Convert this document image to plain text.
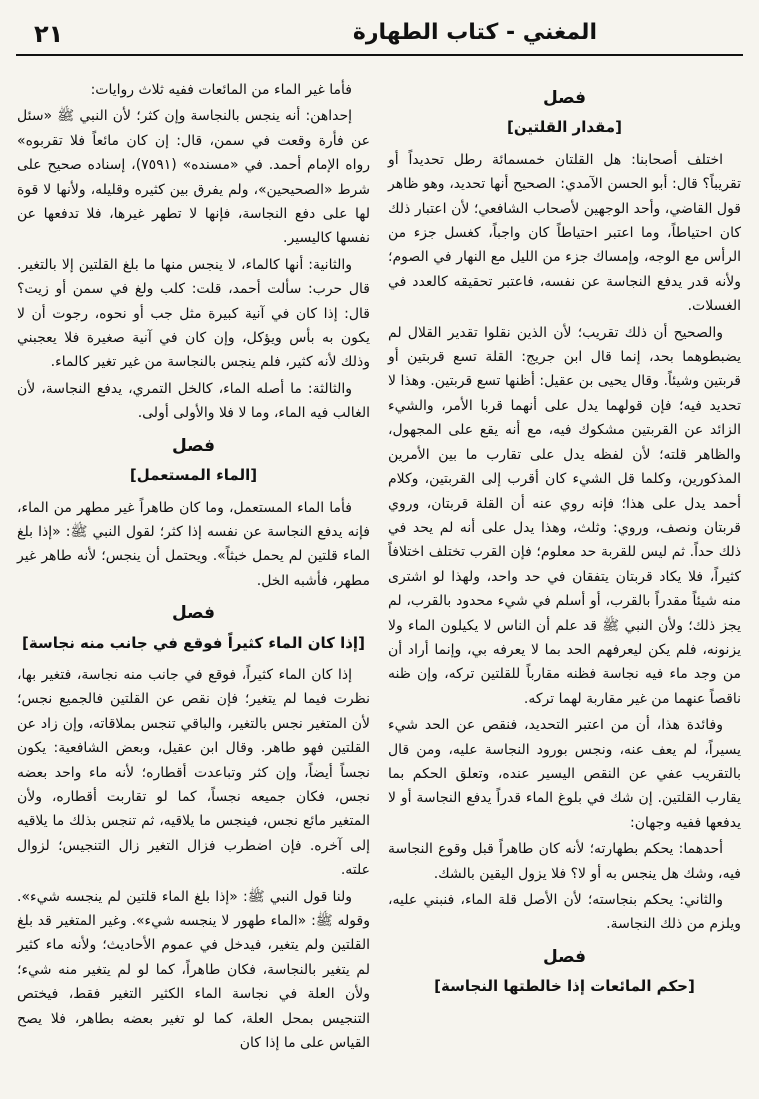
٢١	المغني - كتاب الطهارة
فصل
[مقدار القلتين]

اختلف أصحابنا: هل القلتان خمسمائة رطل تحديداً أو تقريباً؟ قال: أبو الحسن الآمدي: الصحيح أنها تحديد، وهو ظاهر قول القاضي، وأحد الوجهين لأصحاب الشافعي؛ لأن اعتبار ذلك كان احتياطاً، وما اعتبر احتياطاً كان واجباً، كغسل جزء من الرأس مع الوجه، وإمساك جزء من الليل مع النهار في الصوم؛ ولأنه قدر يدفع النجاسة عن نفسه، فاعتبر تحقيقه كالعدد في الغسلات.

والصحيح أن ذلك تقريب؛ لأن الذين نقلوا تقدير القلال لم يضبطوهما بحد، إنما قال ابن جريج: القلة تسع قربتين أو قربتين وشيئاً. وقال يحيى بن عقيل: أظنها تسع قربتين. وهذا لا تحديد فيه؛ فإن قولهما يدل على أنهما قربا الأمر، والشيء الزائد عن القربتين مشكوك فيه، مع أنه يقع على المجهول، والظاهر قلته؛ لأن لفظه يدل على تقارب ما بين الأمرين المذكورين، وكلما قل الشيء كان أقرب إلى القربتين، وكلام أحمد يدل على هذا؛ فإنه روي عنه أن القلة قربتان، وروي قربتان ونصف، وروي: وثلث، وهذا يدل على أنه لم يحد في ذلك حداً. ثم ليس للقربة حد معلوم؛ فإن القرب تختلف اختلافاً كثيراً، فلا يكاد قربتان يتفقان في حد واحد، ولهذا لو اشترى منه شيئاً مقدراً بالقرب، أو أسلم في شيء محدود بالقرب، لم يجز ذلك؛ ولأن النبي ﷺ قد علم أن الناس لا يكيلون الماء ولا يزنونه، فلم يكن ليعرفهم الحد بما لا يعرفه بي، وإنما أراد أن من وجد ماء فيه نجاسة فظنه مقارباً للقلتين تركه، وإن ظنه ناقصاً عنهما من غير مقاربة لهما تركه.

وفائدة هذا، أن من اعتبر التحديد، فنقص عن الحد شيء يسيراً، لم يعف عنه، ونجس بورود النجاسة عليه، ومن قال بالتقريب عفي عن النقص اليسير عنده، وتعلق الحكم بما يقارب القلتين. إن شك في بلوغ الماء قدراً يدفع النجاسة أو لا يدفعها ففيه وجهان:

أحدهما: يحكم بطهارته؛ لأنه كان طاهراً قبل وقوع النجاسة فيه، وشك هل ينجس به أو لا؟ فلا يزول اليقين بالشك.

والثاني: يحكم بنجاسته؛ لأن الأصل قلة الماء، فنبني عليه، ويلزم من ذلك النجاسة.

فصل
[حكم المائعات إذا خالطتها النجاسة]

فأما غير الماء من المائعات ففيه ثلاث روايات:

إحداهن: أنه ينجس بالنجاسة وإن كثر؛ لأن النبي ﷺ «سئل عن فأرة وقعت في سمن، قال: إن كان مائعاً فلا تقربوه» رواه الإمام أحمد. في «مسنده» (٧٥٩١)، إسناده صحيح على شرط «الصحيحين»، ولم يفرق بين كثيره وقليله، ولأنها لا قوة لها على دفع النجاسة، فإنها لا تطهر غيرها، فلا تدفعها عن نفسها كاليسير.

والثانية: أنها كالماء، لا ينجس منها ما بلغ القلتين إلا بالتغير. قال حرب: سألت أحمد، قلت: كلب ولغ في سمن أو زيت؟ قال: إذا كان في آنية كبيرة مثل جب أو نحوه، رجوت أن لا يكون به بأس ويؤكل، وإن كان في آنية صغيرة فلا يعجبني وذلك لأنه كثير، فلم ينجس بالنجاسة من غير تغير كالماء.

والثالثة: ما أصله الماء، كالخل التمري، يدفع النجاسة، لأن الغالب فيه الماء، وما لا فلا والأولى أولى.

فصل
[الماء المستعمل]

فأما الماء المستعمل، وما كان طاهراً غير مطهر من الماء، فإنه يدفع النجاسة عن نفسه إذا كثر؛ لقول النبي ﷺ: «إذا بلغ الماء قلتين لم يحمل خبثاً». ويحتمل أن ينجس؛ لأنه طاهر غير مطهر، فأشبه الخل.

فصل
[إذا كان الماء كثيراً فوقع في جانب منه نجاسة]

إذا كان الماء كثيراً، فوقع في جانب منه نجاسة، فتغير بها، نظرت فيما لم يتغير؛ فإن نقص عن القلتين فالجميع نجس؛ لأن المتغير نجس بالتغير، والباقي تنجس بملاقاته، وإن زاد عن القلتين فهو طاهر. وقال ابن عقيل، وبعض الشافعية: يكون نجساً أيضاً، وإن كثر وتباعدت أقطاره؛ لأنه ماء واحد بعضه نجس، فكان جميعه نجساً، كما لو تقاربت أقطاره، ولأن المتغير مائع نجس، فينجس ما يلاقيه، ثم تنجس بذلك ما يلاقيه إلى آخره. فإن اضطرب فزال التغير زال التنجيس؛ لزوال علته.

ولنا قول النبي ﷺ: «إذا بلغ الماء قلتين لم ينجسه شيء». وقوله ﷺ: «الماء طهور لا ينجسه شيء». وغير المتغير قد بلغ القلتين ولم يتغير، فيدخل في عموم الأحاديث؛ ولأنه ماء كثير لم يتغير بالنجاسة، فكان طاهراً، كما لو لم يتغير منه شيء؛ ولأن العلة في نجاسة الماء الكثير التغير فقط، فيختص التنجيس بمحل العلة، كما لو تغير بعضه بطاهر، فلا يصح القياس على ما إذا كان
